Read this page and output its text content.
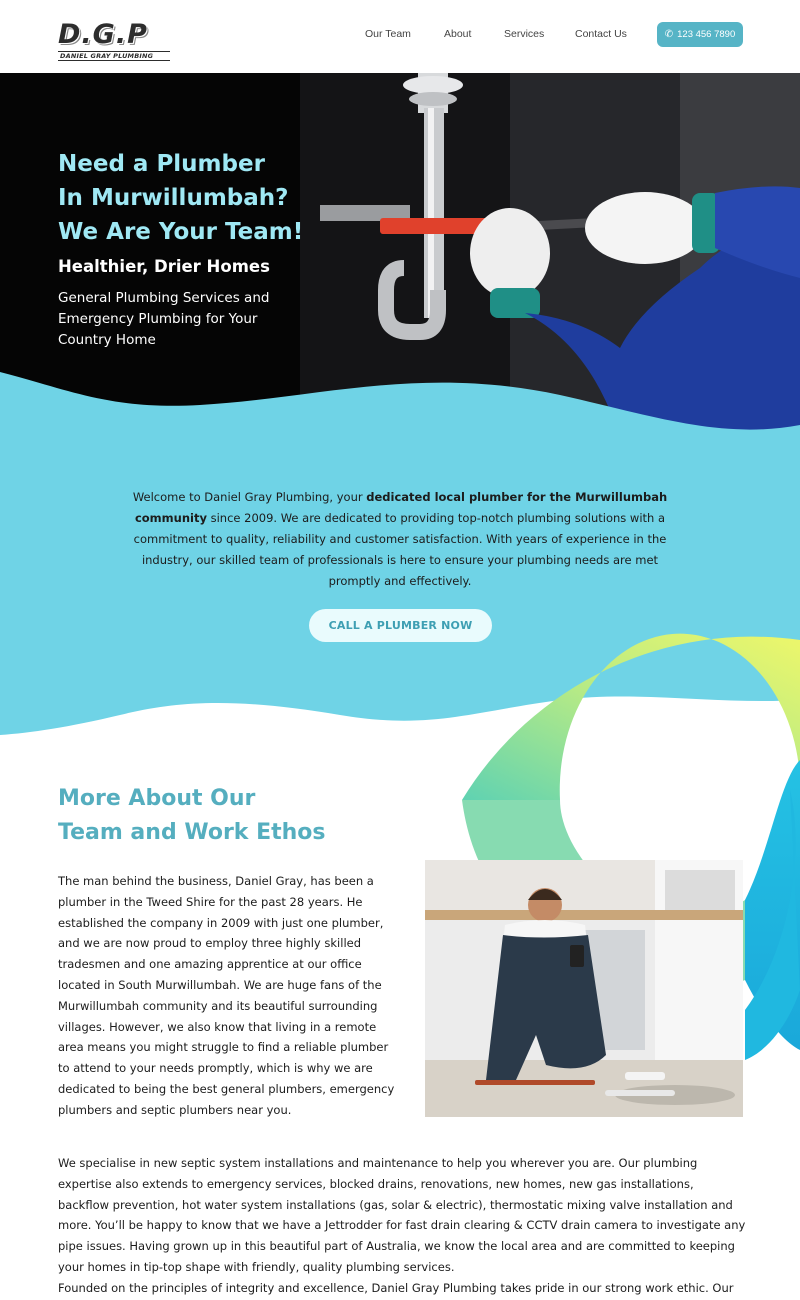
D.G.P
DANIEL GRAY PLUMBING
Our Team	About	Services	Contact Us	✆ 123 456 7890
Need a Plumber
In Murwillumbah?
We Are Your Team!
Healthier, Drier Homes
General Plumbing Services and Emergency Plumbing for Your Country Home
Welcome to Daniel Gray Plumbing, your dedicated local plumber for the Murwillumbah community since 2009. We are dedicated to providing top-notch plumbing solutions with a commitment to quality, reliability and customer satisfaction. With years of experience in the industry, our skilled team of professionals is here to ensure your plumbing needs are met promptly and effectively.
CALL A PLUMBER NOW
More About Our
Team and Work Ethos
The man behind the business, Daniel Gray, has been a plumber in the Tweed Shire for the past 28 years. He established the company in 2009 with just one plumber, and we are now proud to employ three highly skilled tradesmen and one amazing apprentice at our office located in South Murwillumbah. We are huge fans of the Murwillumbah community and its beautiful surrounding villages. However, we also know that living in a remote area means you might struggle to find a reliable plumber to attend to your needs promptly, which is why we are dedicated to being the best general plumbers, emergency plumbers and septic plumbers near you.
We specialise in new septic system installations and maintenance to help you wherever you are. Our plumbing expertise also extends to emergency services, blocked drains, renovations, new homes, new gas installations, backflow prevention, hot water system installations (gas, solar & electric), thermostatic mixing valve installation and more. You’ll be happy to know that we have a Jettrodder for fast drain clearing & CCTV drain camera to investigate any pipe issues. Having grown up in this beautiful part of Australia, we know the local area and are committed to keeping your homes in tip-top shape with friendly, quality plumbing services.
Founded on the principles of integrity and excellence, Daniel Gray Plumbing takes pride in our strong work ethic. Our
